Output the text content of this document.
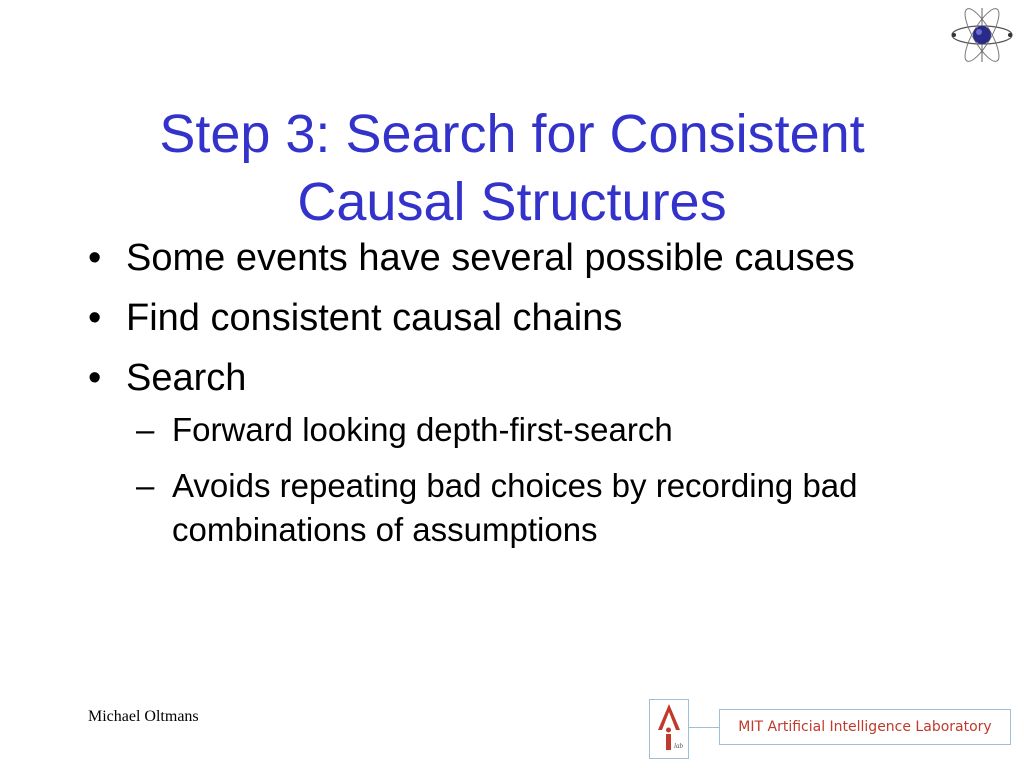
Step 3: Search for Consistent
Causal Structures
• Some events have several possible causes
• Find consistent causal chains
• Search
– Forward looking depth-first-search
– Avoids repeating bad choices by recording bad combinations of assumptions
Michael Oltmans
lab
MIT Artificial Intelligence Laboratory
